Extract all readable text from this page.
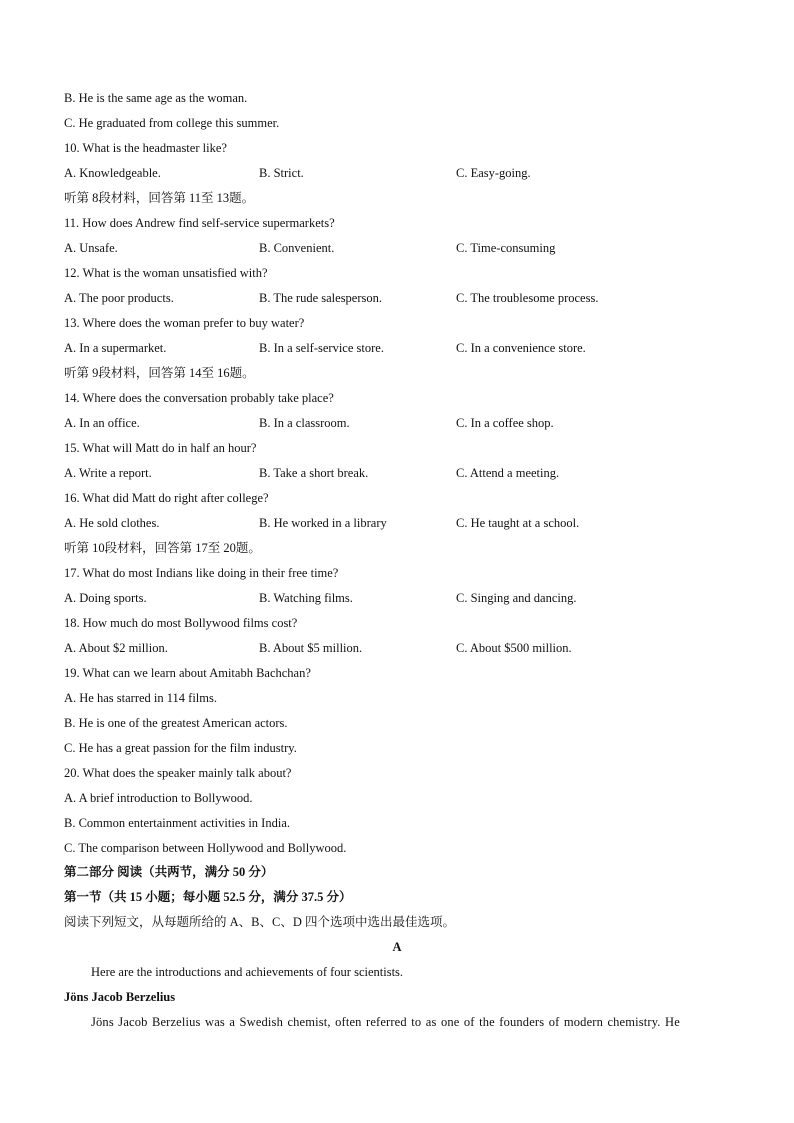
B. He is the same age as the woman.
C. He graduated from college this summer.
10. What is the headmaster like?
A. Knowledgeable.	B. Strict.	C. Easy-going.
听第 8段材料，回答第 11至 13题。
11. How does Andrew find self-service supermarkets?
A. Unsafe.	B. Convenient.	C. Time-consuming
12. What is the woman unsatisfied with?
A. The poor products.	B. The rude salesperson.	C. The troublesome process.
13. Where does the woman prefer to buy water?
A. In a supermarket.	B. In a self-service store.	C. In a convenience store.
听第 9段材料，回答第 14至 16题。
14. Where does the conversation probably take place?
A. In an office.	B. In a classroom.	C. In a coffee shop.
15. What will Matt do in half an hour?
A. Write a report.	B. Take a short break.	C. Attend a meeting.
16. What did Matt do right after college?
A. He sold clothes.	B. He worked in a library	C. He taught at a school.
听第 10段材料，回答第 17至 20题。
17. What do most Indians like doing in their free time?
A. Doing sports.	B. Watching films.	C. Singing and dancing.
18. How much do most Bollywood films cost?
A. About $2 million.	B. About $5 million.	C. About $500 million.
19. What can we learn about Amitabh Bachchan?
A. He has starred in 114 films.
B. He is one of the greatest American actors.
C. He has a great passion for the film industry.
20. What does the speaker mainly talk about?
A. A brief introduction to Bollywood.
B. Common entertainment activities in India.
C. The comparison between Hollywood and Bollywood.
第二部分 阅读（共两节，满分 50 分）
第一节（共 15 小题；每小题 52.5 分，满分 37.5 分）
阅读下列短文，从每题所给的 A、B、C、D 四个选项中选出最佳选项。
A
Here are the introductions and achievements of four scientists.
Jöns Jacob Berzelius
Jöns Jacob Berzelius was a Swedish chemist, often referred to as one of the founders of modern chemistry. He
